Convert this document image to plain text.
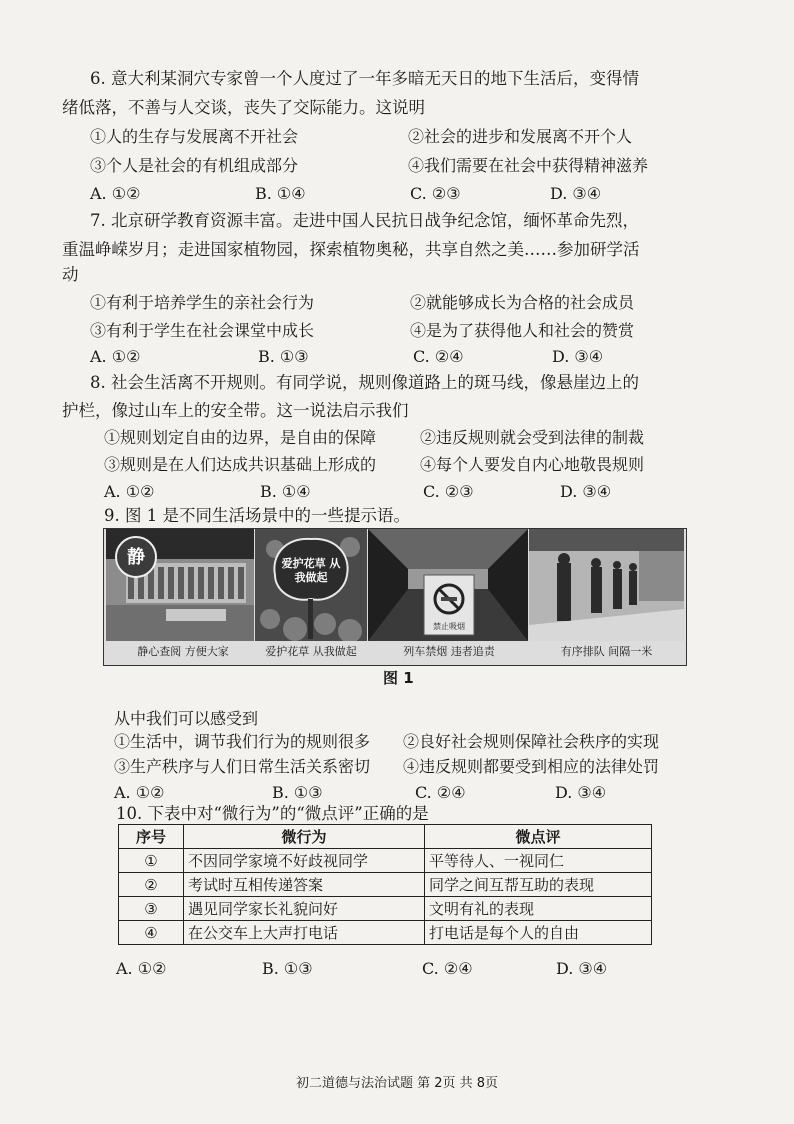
6. 意大利某洞穴专家曾一个人度过了一年多暗无天日的地下生活后，变得情
绪低落，不善与人交谈，丧失了交际能力。这说明
①人的生存与发展离不开社会	②社会的进步和发展离不开个人
③个人是社会的有机组成部分	④我们需要在社会中获得精神滋养
A. ①②	B. ①④	C. ②③	D. ③④
7. 北京研学教育资源丰富。走进中国人民抗日战争纪念馆，缅怀革命先烈，
重温峥嵘岁月；走进国家植物园，探索植物奥秘，共享自然之美……参加研学活
动
①有利于培养学生的亲社会行为	②就能够成长为合格的社会成员
③有利于学生在社会课堂中成长	④是为了获得他人和社会的赞赏
A. ①②	B. ①③	C. ②④	D. ③④
8. 社会生活离不开规则。有同学说，规则像道路上的斑马线，像悬崖边上的
护栏，像过山车上的安全带。这一说法启示我们
①规则划定自由的边界，是自由的保障	②违反规则就会受到法律的制裁
③规则是在人们达成共识基础上形成的	④每个人要发自内心地敬畏规则
A. ①②	B. ①④	C. ②③	D. ③④
9. 图 1 是不同生活场景中的一些提示语。
静	爱护花草 从我做起
禁止吸烟
静心查阅 方便大家	爱护花草 从我做起	列车禁烟 违者追责	有序排队 间隔一米
图 1
从中我们可以感受到
①生活中，调节我们行为的规则很多 ②良好社会规则保障社会秩序的实现
③生产秩序与人们日常生活关系密切 ④违反规则都要受到相应的法律处罚
A. ①②	B. ①③	C. ②④	D. ③④
10. 下表中对“微行为”的“微点评”正确的是
序号	微行为	微点评
①	不因同学家境不好歧视同学	平等待人、一视同仁
②	考试时互相传递答案	同学之间互帮互助的表现
③	遇见同学家长礼貌问好	文明有礼的表现
④	在公交车上大声打电话	打电话是每个人的自由
A. ①②	B. ①③	C. ②④	D. ③④
初二道德与法治试题 第 2页 共 8页
